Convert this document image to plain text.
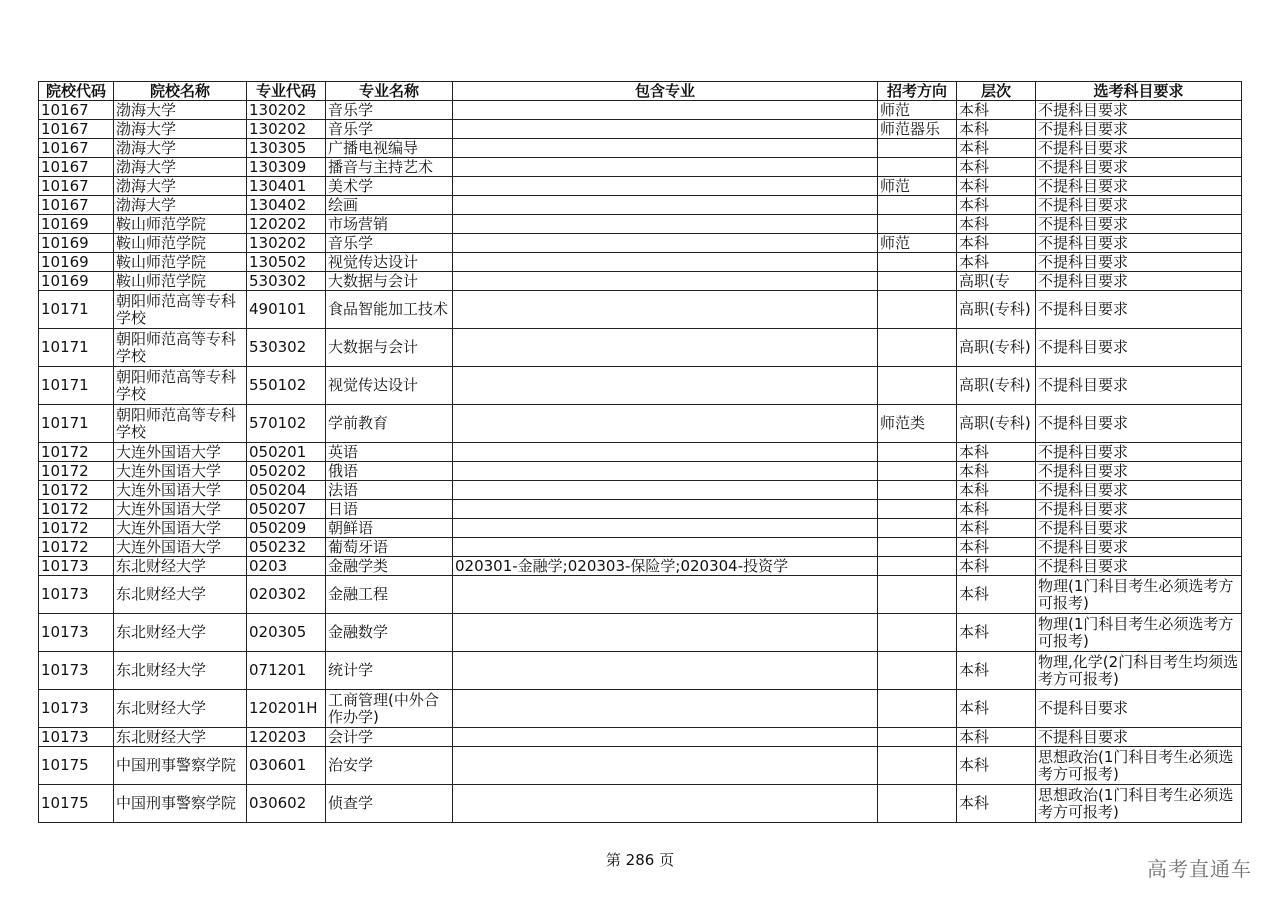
院校代码	院校名称	专业代码	专业名称	包含专业	招考方向	层次	选考科目要求
10167	渤海大学	130202	音乐学		师范	本科	不提科目要求
10167	渤海大学	130202	音乐学		师范器乐	本科	不提科目要求
10167	渤海大学	130305	广播电视编导			本科	不提科目要求
10167	渤海大学	130309	播音与主持艺术			本科	不提科目要求
10167	渤海大学	130401	美术学		师范	本科	不提科目要求
10167	渤海大学	130402	绘画			本科	不提科目要求
10169	鞍山师范学院	120202	市场营销			本科	不提科目要求
10169	鞍山师范学院	130202	音乐学		师范	本科	不提科目要求
10169	鞍山师范学院	130502	视觉传达设计			本科	不提科目要求
10169	鞍山师范学院	530302	大数据与会计			高职(专	不提科目要求
10171	朝阳师范高等专科学校	490101	食品智能加工技术			高职(专科)	不提科目要求
10171	朝阳师范高等专科学校	530302	大数据与会计			高职(专科)	不提科目要求
10171	朝阳师范高等专科学校	550102	视觉传达设计			高职(专科)	不提科目要求
10171	朝阳师范高等专科学校	570102	学前教育		师范类	高职(专科)	不提科目要求
10172	大连外国语大学	050201	英语			本科	不提科目要求
10172	大连外国语大学	050202	俄语			本科	不提科目要求
10172	大连外国语大学	050204	法语			本科	不提科目要求
10172	大连外国语大学	050207	日语			本科	不提科目要求
10172	大连外国语大学	050209	朝鲜语			本科	不提科目要求
10172	大连外国语大学	050232	葡萄牙语			本科	不提科目要求
10173	东北财经大学	0203	金融学类	020301-金融学;020303-保险学;020304-投资学		本科	不提科目要求
10173	东北财经大学	020302	金融工程			本科	物理(1门科目考生必须选考方可报考)
10173	东北财经大学	020305	金融数学			本科	物理(1门科目考生必须选考方可报考)
10173	东北财经大学	071201	统计学			本科	物理,化学(2门科目考生均须选考方可报考)
10173	东北财经大学	120201H	工商管理(中外合作办学)			本科	不提科目要求
10173	东北财经大学	120203	会计学			本科	不提科目要求
10175	中国刑事警察学院	030601	治安学			本科	思想政治(1门科目考生必须选考方可报考)
10175	中国刑事警察学院	030602	侦查学			本科	思想政治(1门科目考生必须选考方可报考)
第 286 页	高考直通车
